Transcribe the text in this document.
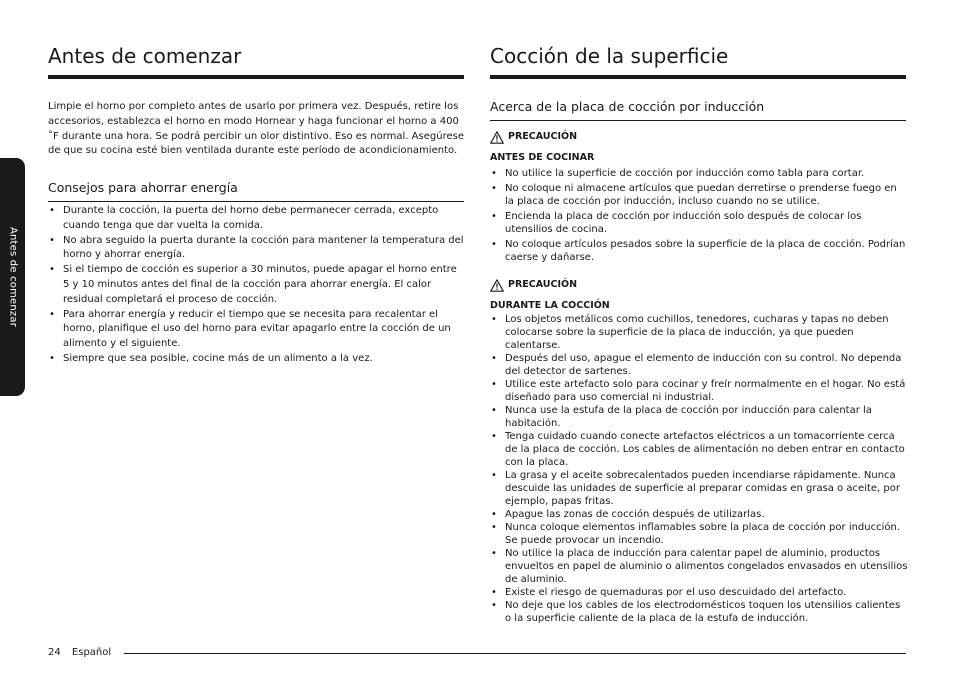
Antes de comenzar
Antes de comenzar

Limpie el horno por completo antes de usarlo por primera vez. Después, retire los accesorios, establezca el horno en modo Hornear y haga funcionar el horno a 400 ˚F durante una hora. Se podrá percibir un olor distintivo. Eso es normal. Asegúrese de que su cocina esté bien ventilada durante este período de acondicionamiento.

Consejos para ahorrar energía
• Durante la cocción, la puerta del horno debe permanecer cerrada, excepto cuando tenga que dar vuelta la comida.
• No abra seguido la puerta durante la cocción para mantener la temperatura del horno y ahorrar energía.
• Si el tiempo de cocción es superior a 30 minutos, puede apagar el horno entre 5 y 10 minutos antes del final de la cocción para ahorrar energía. El calor residual completará el proceso de cocción.
• Para ahorrar energía y reducir el tiempo que se necesita para recalentar el horno, planifique el uso del horno para evitar apagarlo entre la cocción de un alimento y el siguiente.
• Siempre que sea posible, cocine más de un alimento a la vez.
Cocción de la superficie
Acerca de la placa de cocción por inducción
PRECAUCIÓN
ANTES DE COCINAR
• No utilice la superficie de cocción por inducción como tabla para cortar.
• No coloque ni almacene artículos que puedan derretirse o prenderse fuego en la placa de cocción por inducción, incluso cuando no se utilice.
• Encienda la placa de cocción por inducción solo después de colocar los utensilios de cocina.
• No coloque artículos pesados sobre la superficie de la placa de cocción. Podrían caerse y dañarse.
PRECAUCIÓN
DURANTE LA COCCIÓN
• Los objetos metálicos como cuchillos, tenedores, cucharas y tapas no deben colocarse sobre la superficie de la placa de inducción, ya que pueden calentarse.
• Después del uso, apague el elemento de inducción con su control. No dependa del detector de sartenes.
• Utilice este artefacto solo para cocinar y freír normalmente en el hogar. No está diseñado para uso comercial ni industrial.
• Nunca use la estufa de la placa de cocción por inducción para calentar la habitación.
• Tenga cuidado cuando conecte artefactos eléctricos a un tomacorriente cerca de la placa de cocción. Los cables de alimentación no deben entrar en contacto con la placa.
• La grasa y el aceite sobrecalentados pueden incendiarse rápidamente. Nunca descuide las unidades de superficie al preparar comidas en grasa o aceite, por ejemplo, papas fritas.
• Apague las zonas de cocción después de utilizarlas.
• Nunca coloque elementos inflamables sobre la placa de cocción por inducción. Se puede provocar un incendio.
• No utilice la placa de inducción para calentar papel de aluminio, productos envueltos en papel de aluminio o alimentos congelados envasados en utensilios de aluminio.
• Existe el riesgo de quemaduras por el uso descuidado del artefacto.
• No deje que los cables de los electrodomésticos toquen los utensilios calientes o la superficie caliente de la placa de la estufa de inducción.
24 Español
